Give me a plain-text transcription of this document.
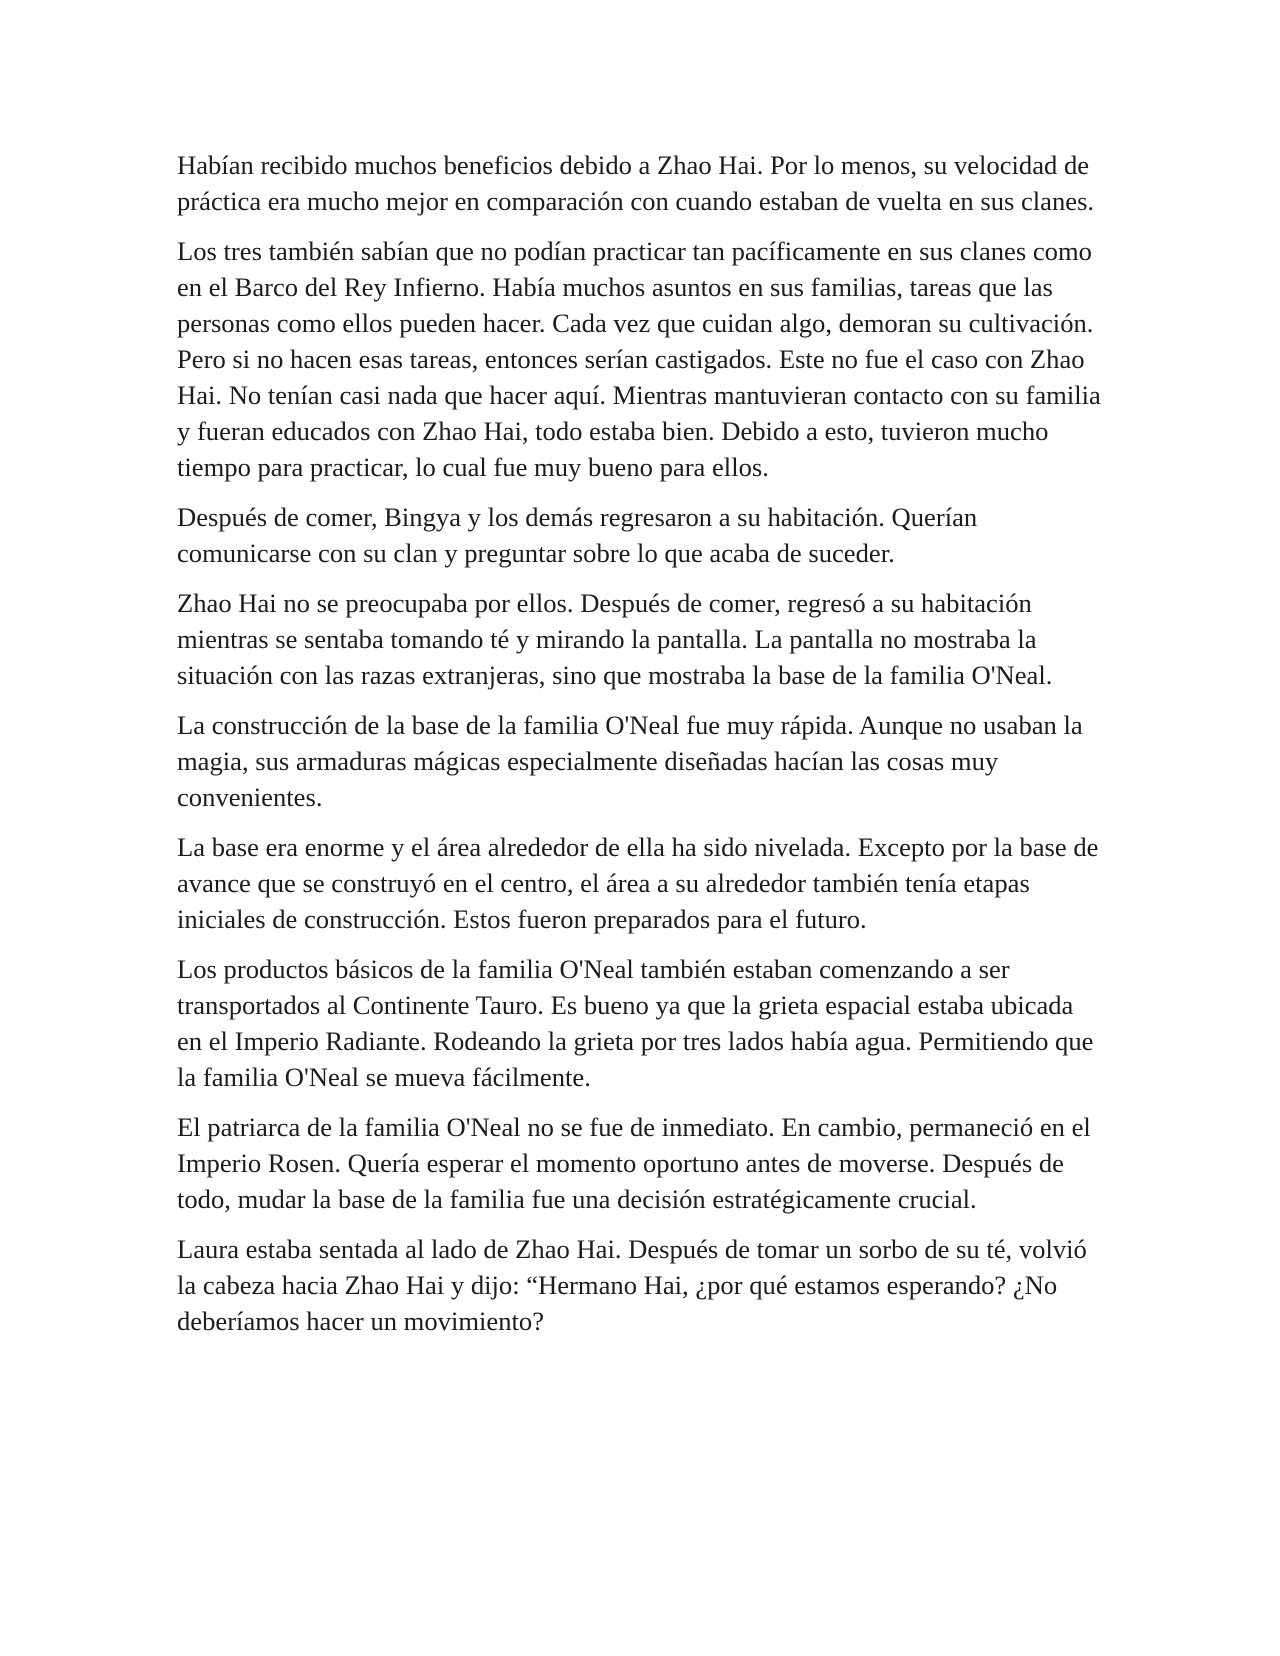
Habían recibido muchos beneficios debido a Zhao Hai. Por lo menos, su velocidad de práctica era mucho mejor en comparación con cuando estaban de vuelta en sus clanes.

Los tres también sabían que no podían practicar tan pacíficamente en sus clanes como en el Barco del Rey Infierno. Había muchos asuntos en sus familias, tareas que las personas como ellos pueden hacer. Cada vez que cuidan algo, demoran su cultivación. Pero si no hacen esas tareas, entonces serían castigados. Este no fue el caso con Zhao Hai. No tenían casi nada que hacer aquí. Mientras mantuvieran contacto con su familia y fueran educados con Zhao Hai, todo estaba bien. Debido a esto, tuvieron mucho tiempo para practicar, lo cual fue muy bueno para ellos.

Después de comer, Bingya y los demás regresaron a su habitación. Querían comunicarse con su clan y preguntar sobre lo que acaba de suceder.

Zhao Hai no se preocupaba por ellos. Después de comer, regresó a su habitación mientras se sentaba tomando té y mirando la pantalla. La pantalla no mostraba la situación con las razas extranjeras, sino que mostraba la base de la familia O'Neal.

La construcción de la base de la familia O'Neal fue muy rápida. Aunque no usaban la magia, sus armaduras mágicas especialmente diseñadas hacían las cosas muy convenientes.

La base era enorme y el área alrededor de ella ha sido nivelada. Excepto por la base de avance que se construyó en el centro, el área a su alrededor también tenía etapas iniciales de construcción. Estos fueron preparados para el futuro.

Los productos básicos de la familia O'Neal también estaban comenzando a ser transportados al Continente Tauro. Es bueno ya que la grieta espacial estaba ubicada en el Imperio Radiante. Rodeando la grieta por tres lados había agua. Permitiendo que la familia O'Neal se mueva fácilmente.

El patriarca de la familia O'Neal no se fue de inmediato. En cambio, permaneció en el Imperio Rosen. Quería esperar el momento oportuno antes de moverse. Después de todo, mudar la base de la familia fue una decisión estratégicamente crucial.

Laura estaba sentada al lado de Zhao Hai. Después de tomar un sorbo de su té, volvió la cabeza hacia Zhao Hai y dijo: “Hermano Hai, ¿por qué estamos esperando? ¿No deberíamos hacer un movimiento?
